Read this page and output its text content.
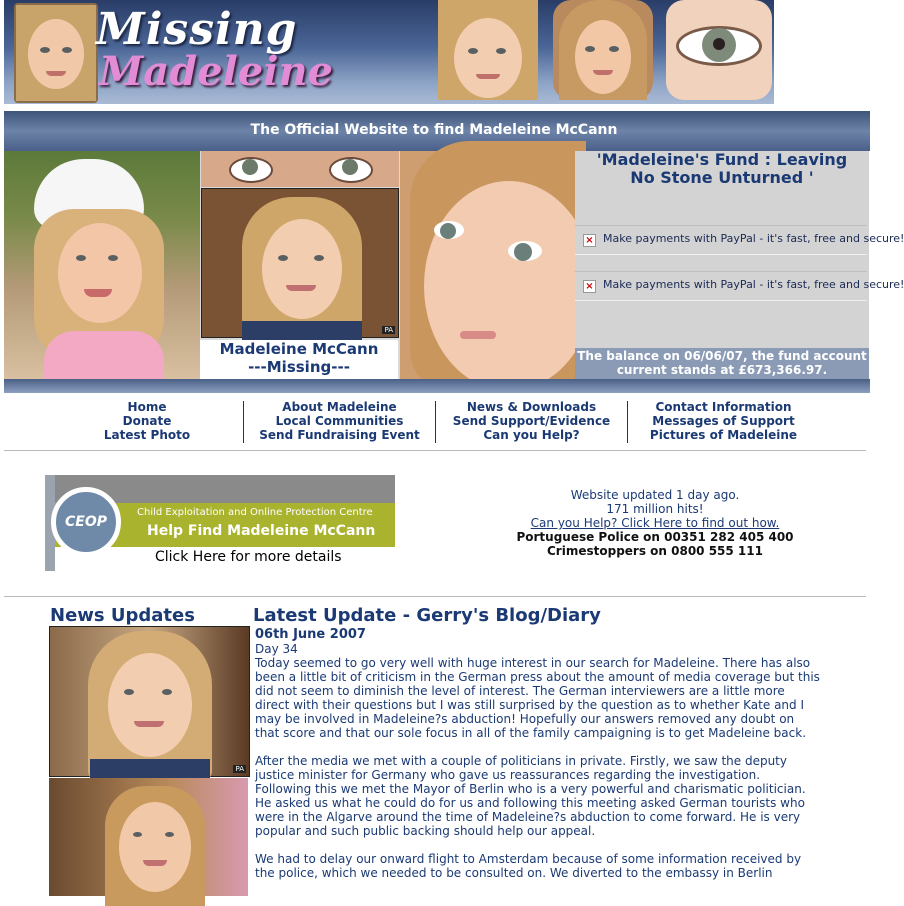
Missing
Madeleine
The Official Website to find Madeleine McCann
PA
Madeleine McCann
---Missing---
'Madeleine's Fund : Leaving No Stone Unturned '
× Make payments with PayPal - it's fast, free and secure!
× Make payments with PayPal - it's fast, free and secure!
The balance on 06/06/07, the fund account current stands at £673,366.97.
Home
Donate
Latest Photo
About Madeleine
Local Communities
Send Fundraising Event
News & Downloads
Send Support/Evidence
Can you Help?
Contact Information
Messages of Support
Pictures of Madeleine
Child Exploitation and Online Protection Centre
Help Find Madeleine McCann
Click Here for more details
CEOP
Website updated 1 day ago.
171 million hits!
Can you Help? Click Here to find out how.
Portuguese Police on 00351 282 405 400
Crimestoppers on 0800 555 111
News Updates	Latest Update - Gerry's Blog/Diary
PA
06th June 2007
Day 34

Today seemed to go very well with huge interest in our search for Madeleine. There has also been a little bit of criticism in the German press about the amount of media coverage but this did not seem to diminish the level of interest. The German interviewers are a little more direct with their questions but I was still surprised by the question as to whether Kate and I may be involved in Madeleine?s abduction! Hopefully our answers removed any doubt on that score and that our sole focus in all of the family campaigning is to get Madeleine back.

After the media we met with a couple of politicians in private. Firstly, we saw the deputy justice minister for Germany who gave us reassurances regarding the investigation. Following this we met the Mayor of Berlin who is a very powerful and charismatic politician. He asked us what he could do for us and following this meeting asked German tourists who were in the Algarve around the time of Madeleine?s abduction to come forward. He is very popular and such public backing should help our appeal.

We had to delay our onward flight to Amsterdam because of some information received by the police, which we needed to be consulted on. We diverted to the embassy in Berlin
